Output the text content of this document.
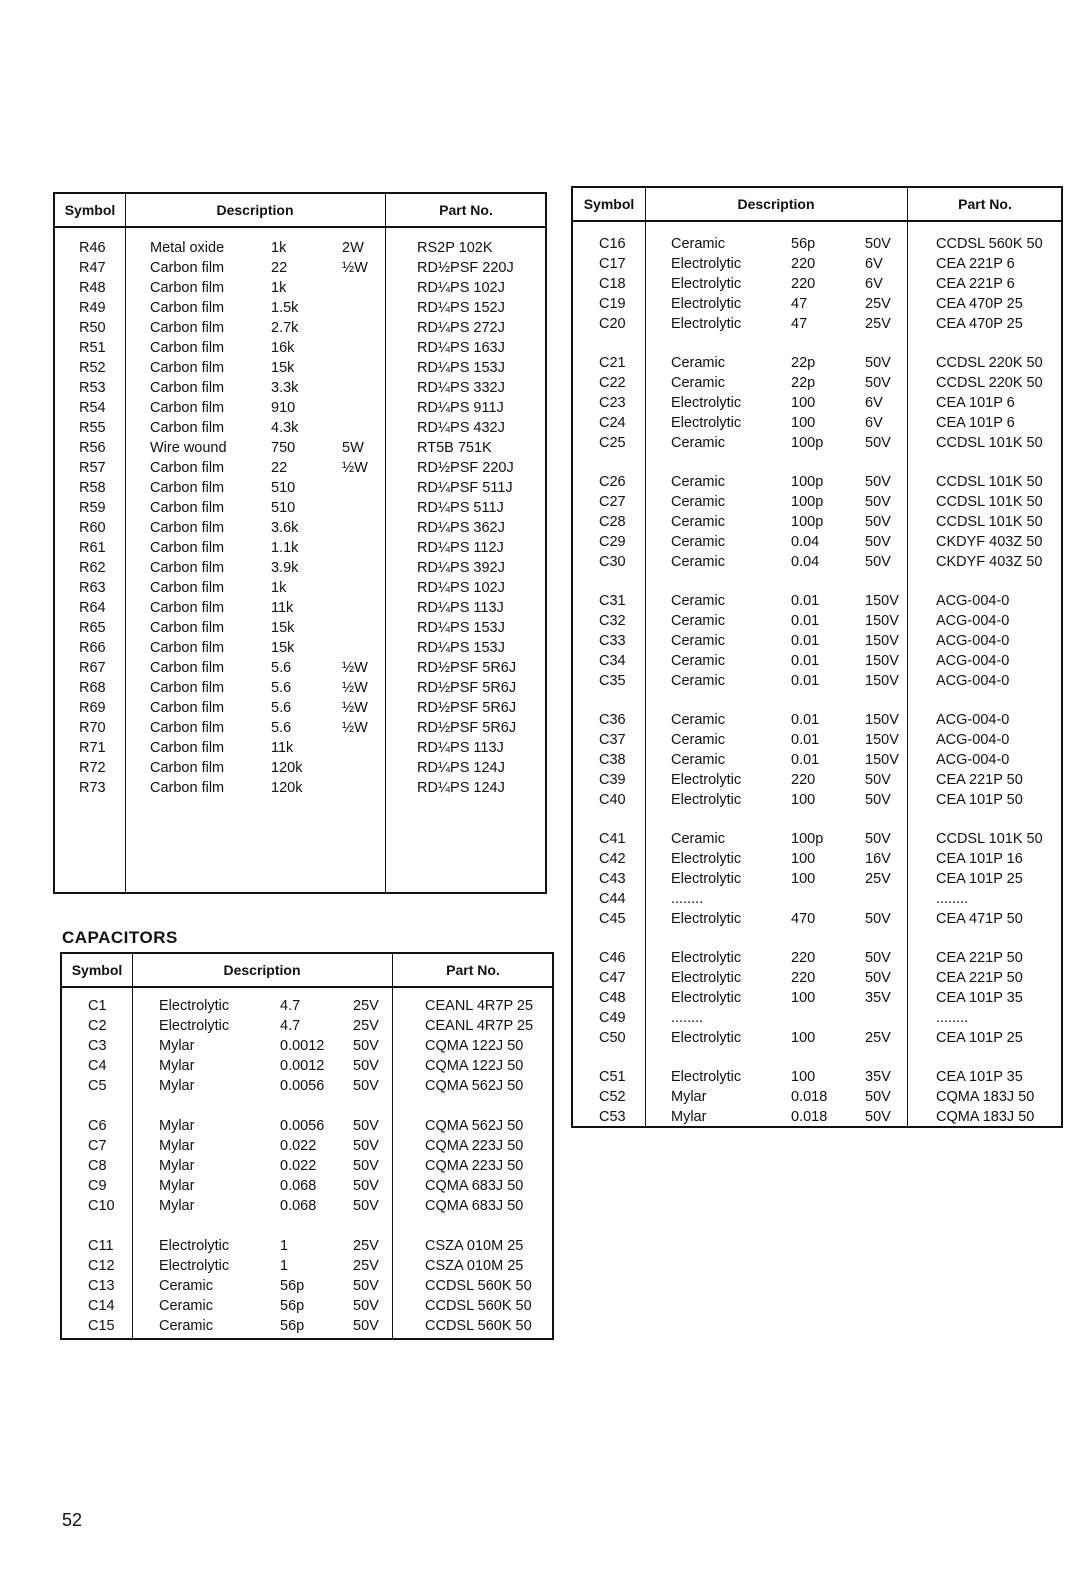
Symbol	Description	Part No.
R46	Metal oxide	1k	2W	RS2P 102K
R47	Carbon film	22	½W	RD½PSF 220J
R48	Carbon film	1k	RD¼PS 102J
R49	Carbon film	1.5k	RD¼PS 152J
R50	Carbon film	2.7k	RD¼PS 272J
R51	Carbon film	16k	RD¼PS 163J
R52	Carbon film	15k	RD¼PS 153J
R53	Carbon film	3.3k	RD¼PS 332J
R54	Carbon film	910	RD¼PS 911J
R55	Carbon film	4.3k	RD¼PS 432J
R56	Wire wound	750	5W	RT5B 751K
R57	Carbon film	22	½W	RD½PSF 220J
R58	Carbon film	510	RD¼PSF 511J
R59	Carbon film	510	RD¼PS 511J
R60	Carbon film	3.6k	RD¼PS 362J
R61	Carbon film	1.1k	RD¼PS 112J
R62	Carbon film	3.9k	RD¼PS 392J
R63	Carbon film	1k	RD¼PS 102J
R64	Carbon film	11k	RD¼PS 113J
R65	Carbon film	15k	RD¼PS 153J
R66	Carbon film	15k	RD¼PS 153J
R67	Carbon film	5.6	½W	RD½PSF 5R6J
R68	Carbon film	5.6	½W	RD½PSF 5R6J
R69	Carbon film	5.6	½W	RD½PSF 5R6J
R70	Carbon film	5.6	½W	RD½PSF 5R6J
R71	Carbon film	11k	RD¼PS 113J
R72	Carbon film	120k	RD¼PS 124J
R73	Carbon film	120k	RD¼PS 124J
CAPACITORS
Symbol	Description	Part No.
C1	Electrolytic	4.7	25V	CEANL 4R7P 25
C2	Electrolytic	4.7	25V	CEANL 4R7P 25
C3	Mylar	0.0012 50V	CQMA 122J 50
C4	Mylar	0.0012 50V	CQMA 122J 50
C5	Mylar	0.0056 50V	CQMA 562J 50
C6	Mylar	0.0056 50V	CQMA 562J 50
C7	Mylar	0.022	50V	CQMA 223J 50
C8	Mylar	0.022	50V	CQMA 223J 50
C9	Mylar	0.068	50V	CQMA 683J 50
C10	Mylar	0.068	50V	CQMA 683J 50
C11	Electrolytic	1	25V	CSZA 010M 25
C12	Electrolytic	1	25V	CSZA 010M 25
C13	Ceramic	56p	50V	CCDSL 560K 50
C14	Ceramic	56p	50V	CCDSL 560K 50
C15	Ceramic	56p	50V	CCDSL 560K 50
Symbol	Description	Part No.
C16	Ceramic	56p	50V	CCDSL 560K 50
C17	Electrolytic	220	6V	CEA 221P 6
C18	Electrolytic	220	6V	CEA 221P 6
C19	Electrolytic	47	25V	CEA 470P 25
C20	Electrolytic	47	25V	CEA 470P 25
C21	Ceramic	22p	50V	CCDSL 220K 50
C22	Ceramic	22p	50V	CCDSL 220K 50
C23	Electrolytic	100	6V	CEA 101P 6
C24	Electrolytic	100	6V	CEA 101P 6
C25	Ceramic	100p	50V	CCDSL 101K 50
C26	Ceramic	100p	50V	CCDSL 101K 50
C27	Ceramic	100p	50V	CCDSL 101K 50
C28	Ceramic	100p	50V	CCDSL 101K 50
C29	Ceramic	0.04	50V	CKDYF 403Z 50
C30	Ceramic	0.04	50V	CKDYF 403Z 50
C31	Ceramic	0.01	150V	ACG-004-0
C32	Ceramic	0.01	150V	ACG-004-0
C33	Ceramic	0.01	150V	ACG-004-0
C34	Ceramic	0.01	150V	ACG-004-0
C35	Ceramic	0.01	150V	ACG-004-0
C36	Ceramic	0.01	150V	ACG-004-0
C37	Ceramic	0.01	150V	ACG-004-0
C38	Ceramic	0.01	150V	ACG-004-0
C39	Electrolytic	220	50V	CEA 221P 50
C40	Electrolytic	100	50V	CEA 101P 50
C41	Ceramic	100p	50V	CCDSL 101K 50
C42	Electrolytic	100	16V	CEA 101P 16
C43	Electrolytic	100	25V	CEA 101P 25
C44	........	........
C45	Electrolytic	470	50V	CEA 471P 50
C46	Electrolytic	220	50V	CEA 221P 50
C47	Electrolytic	220	50V	CEA 221P 50
C48	Electrolytic	100	35V	CEA 101P 35
C49	........	........
C50	Electrolytic	100	25V	CEA 101P 25
C51	Electrolytic	100	35V	CEA 101P 35
C52	Mylar	0.018	50V	CQMA 183J 50
C53	Mylar	0.018	50V	CQMA 183J 50
52
